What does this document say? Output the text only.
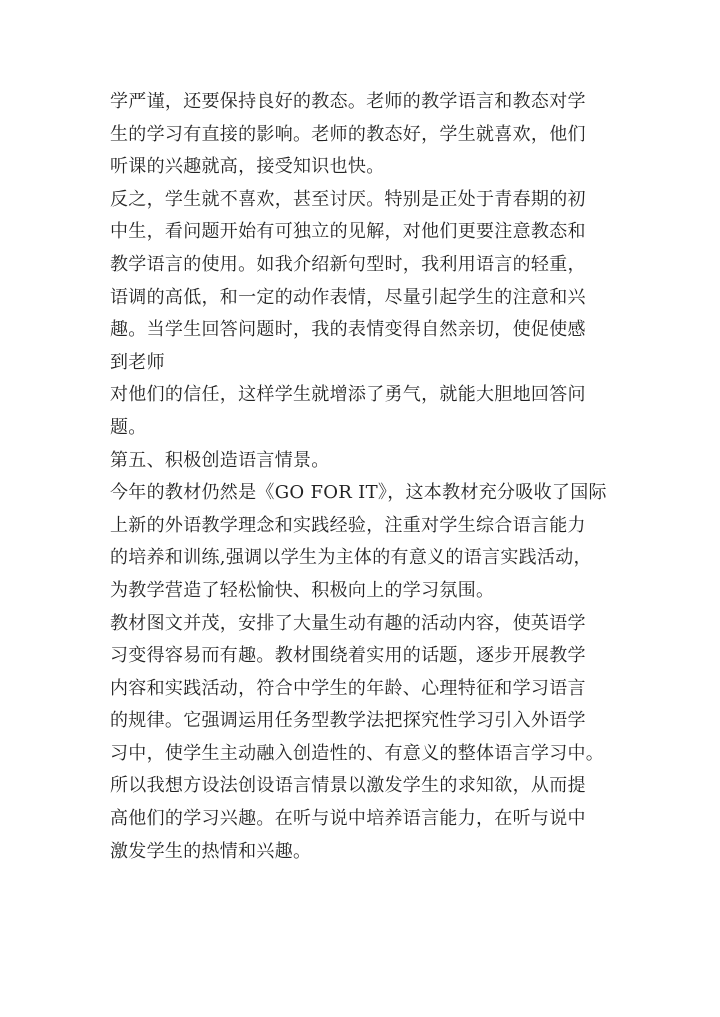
学严谨，还要保持良好的教态。老师的教学语言和教态对学
生的学习有直接的影响。老师的教态好，学生就喜欢，他们
听课的兴趣就高，接受知识也快。
反之，学生就不喜欢，甚至讨厌。特别是正处于青春期的初
中生，看问题开始有可独立的见解，对他们更要注意教态和
教学语言的使用。如我介绍新句型时，我利用语言的轻重，
语调的高低，和一定的动作表情，尽量引起学生的注意和兴
趣。当学生回答问题时，我的表情变得自然亲切，使促使感
到老师
对他们的信任，这样学生就增添了勇气，就能大胆地回答问
题。
第五、积极创造语言情景。
今年的教材仍然是《GO FOR IT》，这本教材充分吸收了国际
上新的外语教学理念和实践经验，注重对学生综合语言能力
的培养和训练,强调以学生为主体的有意义的语言实践活动，
为教学营造了轻松愉快、积极向上的学习氛围。
教材图文并茂，安排了大量生动有趣的活动内容，使英语学
习变得容易而有趣。教材围绕着实用的话题，逐步开展教学
内容和实践活动，符合中学生的年龄、心理特征和学习语言
的规律。它强调运用任务型教学法把探究性学习引入外语学
习中，使学生主动融入创造性的、有意义的整体语言学习中。
所以我想方设法创设语言情景以激发学生的求知欲，从而提
高他们的学习兴趣。在听与说中培养语言能力，在听与说中
激发学生的热情和兴趣。
